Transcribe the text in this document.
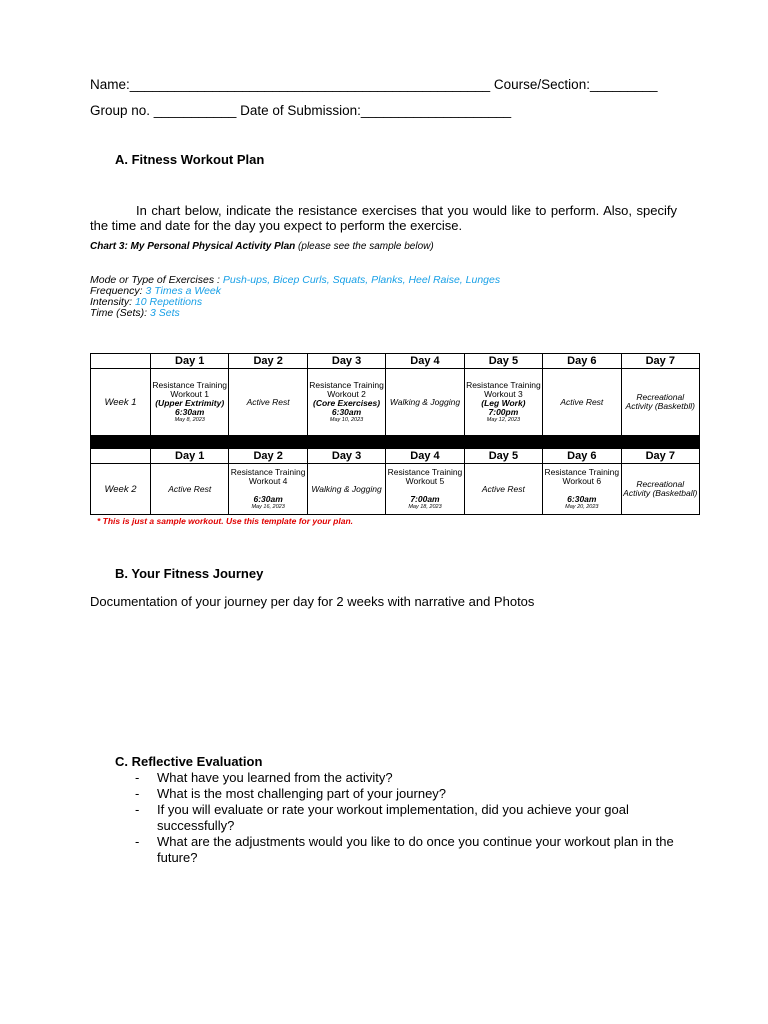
Name:________________________________________________ Course/Section:_________
Group no. ___________ Date of Submission:____________________
A. Fitness Workout Plan
In chart below, indicate the resistance exercises that you would like to perform. Also, specify the time and date for the day you expect to perform the exercise.
Chart 3: My Personal Physical Activity Plan (please see the sample below)
Mode or Type of Exercises : Push-ups, Bicep Curls, Squats, Planks, Heel Raise, Lunges
Frequency: 3 Times a Week
Intensity: 10 Repetitions
Time (Sets): 3 Sets
	Day 1	Day 2	Day 3	Day 4	Day 5	Day 6	Day 7
Week 1	Resistance Training Workout 1
(Upper Extrimity)
6:30am
May 8, 2023	Active Rest	Resistance Training Workout 2
(Core Exercises)
6:30am
May 10, 2023	Walking & Jogging	Resistance Training Workout 3
(Leg Work)
7:00pm
May 12, 2023	Active Rest	Recreational Activity (Basketbll)

	Day 1	Day 2	Day 3	Day 4	Day 5	Day 6	Day 7
Week 2	Active Rest	Resistance Training Workout 4

6:30am
May 16, 2023	Walking & Jogging	Resistance Training Workout 5

7:00am
May 18, 2023	Active Rest	Resistance Training Workout 6

6:30am
May 20, 2023	Recreational Activity (Basketball)
* This is just a sample workout. Use this template for your plan.
B. Your Fitness Journey
Documentation of your journey per day for 2 weeks with narrative and Photos
C. Reflective Evaluation
- What have you learned from the activity?
- What is the most challenging part of your journey?
- If you will evaluate or rate your workout implementation, did you achieve your goal successfully?
- What are the adjustments would you like to do once you continue your workout plan in the future?
